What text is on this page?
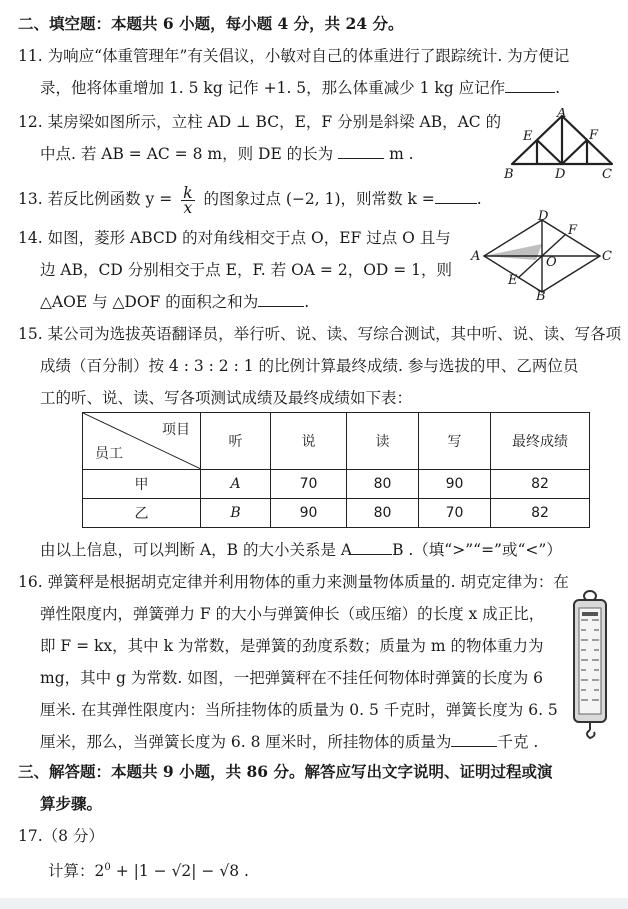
二、填空题：本题共 6 小题，每小题 4 分，共 24 分。
11. 为响应“体重管理年”有关倡议，小敏对自己的体重进行了跟踪统计. 为方便记
录，他将体重增加 1. 5 kg 记作 +1. 5，那么体重减少 1 kg 应记作	.
12. 某房梁如图所示，立柱 AD ⊥ BC，E，F 分别是斜梁 AB，AC 的
中点. 若 AB = AC = 8 m，则 DE 的长为	m .
A
B	C
D
E	F
13. 若反比例函数 $y = \frac{k}{x}$ 的图象过点 (−2, 1)，则常数 k =	.
14. 如图，菱形 ABCD 的对角线相交于点 O，EF 过点 O 且与
边 AB，CD 分别相交于点 E，F. 若 OA = 2，OD = 1，则
△AOE 与 △DOF 的面积之和为	.
A
D
C
B
F
E
O
15. 某公司为选拔英语翻译员，举行听、说、读、写综合测试，其中听、说、读、写各项
成绩（百分制）按 4 : 3 : 2 : 1 的比例计算最终成绩. 参与选拔的甲、乙两位员
工的听、说、读、写各项测试成绩及最终成绩如下表：
项目
员工	听	说	读	写	最终成绩
甲	A	70	80	90	82
乙	B	90	80	70	82
由以上信息，可以判断 A，B 的大小关系是 A	B .（填“>”“=”或“<”）
16. 弹簧秤是根据胡克定律并利用物体的重力来测量物体质量的. 胡克定律为：在
弹性限度内，弹簧弹力 F 的大小与弹簧伸长（或压缩）的长度 x 成正比，
即 F = kx，其中 k 为常数，是弹簧的劲度系数；质量为 m 的物体重力为
mg，其中 g 为常数. 如图，一把弹簧秤在不挂任何物体时弹簧的长度为 6
厘米. 在其弹性限度内：当所挂物体的质量为 0. 5 千克时，弹簧长度为 6. 5
厘米，那么，当弹簧长度为 6. 8 厘米时，所挂物体的质量为	千克 .
三、解答题：本题共 9 小题，共 86 分。解答应写出文字说明、证明过程或演
算步骤。
17.（8 分）
计算：$2^0 + |1 - √2| - √8$ .
